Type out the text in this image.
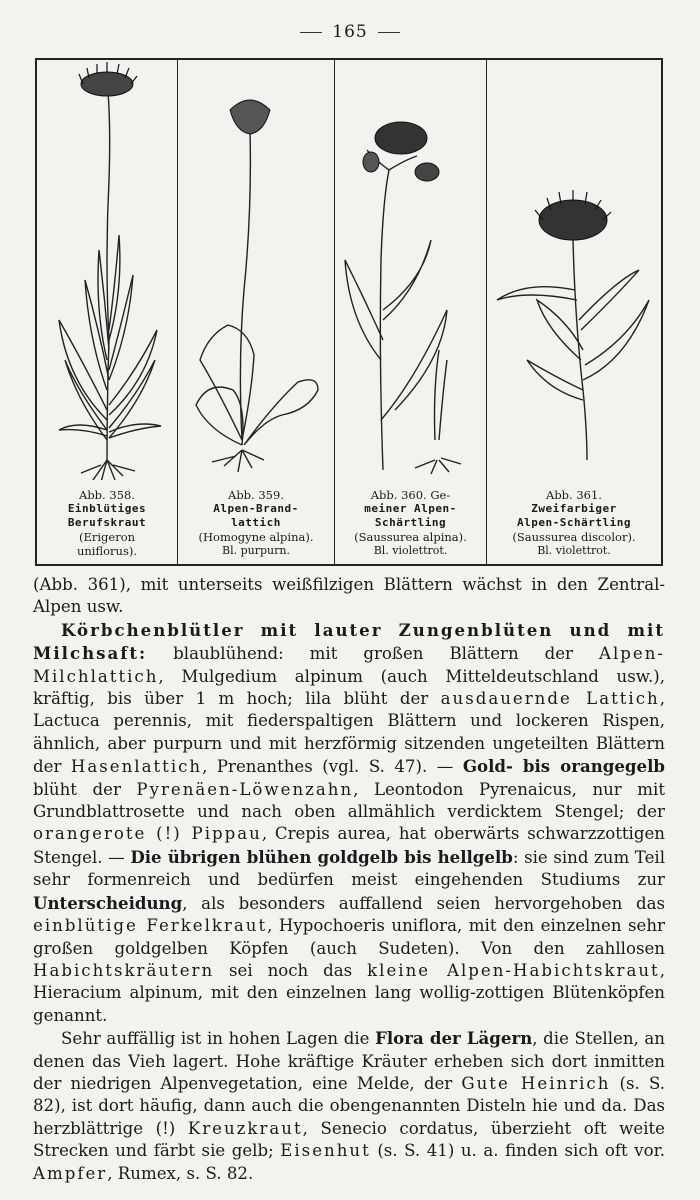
165
Abb. 358.
Einblütiges
Berufskraut
(Erigeron
uniflorus).
Abb. 359.
Alpen-Brand-
lattich
(Homogyne alpina).
Bl. purpurn.
Abb. 360. Ge-
meiner Alpen-
Schärtling
(Saussurea alpina).
Bl. violettrot.
Abb. 361.
Zweifarbiger
Alpen-Schärtling
(Saussurea discolor).
Bl. violettrot.

(Abb. 361), mit unterseits weißfilzigen Blättern wächst in den Zentral-Alpen usw.

Körbchenblütler mit lauter Zungenblüten und mit Milchsaft: blaublühend: mit großen Blättern der Alpen-Milchlattich, Mulgedium alpinum (auch Mitteldeutschland usw.), kräftig, bis über 1 m hoch; lila blüht der ausdauernde Lattich, Lactuca perennis, mit fiederspaltigen Blättern und lockeren Rispen, ähnlich, aber purpurn und mit herzförmig sitzenden ungeteilten Blättern der Hasenlattich, Prenanthes (vgl. S. 47). — Gold- bis orangegelb blüht der Pyrenäen-Löwenzahn, Leontodon Pyrenaicus, nur mit Grundblattrosette und nach oben allmählich verdicktem Stengel; der orangerote (!) Pippau, Crepis aurea, hat oberwärts schwarzzottigen Stengel. — Die übrigen blühen goldgelb bis hellgelb: sie sind zum Teil sehr formenreich und bedürfen meist eingehenden Studiums zur Unterscheidung, als besonders auffallend seien hervorgehoben das einblütige Ferkelkraut, Hypochoeris uniflora, mit den einzelnen sehr großen goldgelben Köpfen (auch Sudeten). Von den zahllosen Habichtskräutern sei noch das kleine Alpen-Habichtskraut, Hieracium alpinum, mit den einzelnen lang wollig-zottigen Blütenköpfen genannt.

Sehr auffällig ist in hohen Lagen die Flora der Lägern, die Stellen, an denen das Vieh lagert. Hohe kräftige Kräuter erheben sich dort inmitten der niedrigen Alpenvegetation, eine Melde, der Gute Heinrich (s. S. 82), ist dort häufig, dann auch die obengenannten Disteln hie und da. Das herzblättrige (!) Kreuzkraut, Senecio cordatus, überzieht oft weite Strecken und färbt sie gelb; Eisenhut (s. S. 41) u. a. finden sich oft vor. Ampfer, Rumex, s. S. 82.
